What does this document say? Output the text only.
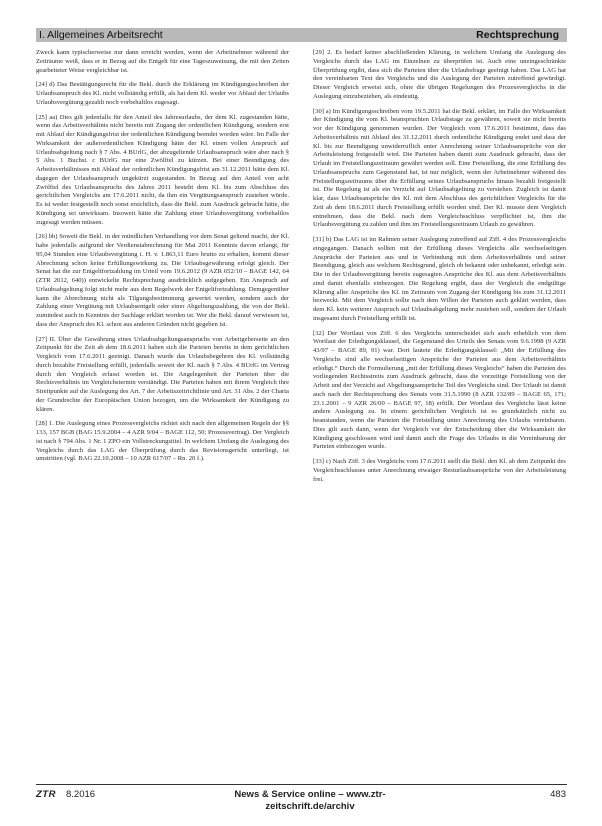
I. Allgemeines Arbeitsrecht	Rechtsprechung

Zweck kann typischerweise nur dann erreicht werden, wenn der Arbeitnehmer während der Zeiträume weiß, dass er in Bezug auf die Entgelt für eine Tageszuweisung, die mit den Zeiten gearbeiteter Weise vergleichbar ist.

[24] d) Das Bestätigungsrecht für die Bekl. durch die Erklärung im Kündigungsschreiben der Urlaubsanspruch des Kl. nicht vollständig erfüllt, als hat dem Kl. weder vor Ablauf der Urlaubs Urlaubsvergütung gezahlt noch vorbehaltlos zugesagt.

[25] aa) Dies gilt jedenfalls für den Anteil des Jahresurlaubs, der dem Kl. zugestanden hätte, wenn das Arbeitsverhältnis nicht bereits mit Zugang der ordentlichen Kündigung, sondern erst mit Ablauf der Kündigungsfrist der ordentlichen Kündigung beendet worden wäre. Im Falle der Wirksamkeit der außerordentlichen Kündigung hätte der Kl. einen vollen Anspruch auf Urlaubsabgeltung nach § 7 Abs. 4 BUrlG, der abzugeltende Urlaubsanspruch wäre aber nach § 5 Abs. 1 Buchst. c BUrlG nur eine Zwölftel zu kürzen. Bei einer Beendigung des Arbeitsverhältnisses mit Ablauf der ordentlichen Kündigungsfrist am 31.12.2011 hätte dem Kl. dagegen der Urlaubsanspruch ungekürzt zugestanden. In Bezug auf den Anteil von acht Zwölftel des Urlaubsanspruchs des Jahres 2011 besteht dem Kl. bis zum Abschluss des gerichtlichen Vergleichs am 17.6.2011 nicht, da ihm ein Vergütungsanspruch zustehen würde. Es ist weder festgestellt noch sonst ersichtlich, dass die Bekl. zum Ausdruck gebracht hätte, die Kündigung sei unwirksam. Insoweit hätte die Zahlung einer Urlaubsvergütung vorbehaltlos zugesagt werden müssen.

[26] bb) Soweit die Bekl. in der mündlichen Verhandlung vor dem Senat geltend macht, der Kl. habe jedenfalls aufgrund der Verdienstabrechnung für Mai 2011 Kenntnis davon erlangt, für 95,04 Stunden eine Urlaubsvergütung i. H. v. 1.863,11 Euro brutto zu erhalten, kommt dieser Abrechnung schon keine Erfüllungswirkung zu. Die Urlaubsgewährung erfolgt gleich. Der Senat hat die zur Entgeltfortzahlung im Urteil vom 19.6.2012 (9 AZR 652/10 – BAGE 142, 64 (ZTR 2012, 640)) entwickelte Rechtsprechung ausdrücklich aufgegeben. Ein Anspruch auf Urlaubsabgeltung folgt nicht mehr aus dem Regelwerk der Entgeltfortzahlung. Demgegenüber kann die Abrechnung nicht als Tilgungsbestimmung gewertet werden, sondern auch der Zahlung einer Vergütung mit Urlaubsentgelt oder einer Abgeltungszahlung, die von der Bekl. zumindest auch in Kenntnis der Sachlage erklärt worden ist. Wer die Bekl. darauf verwiesen ist, dass der Anspruch des Kl. schon aus anderen Gründen nicht gegeben ist.

[27] II. Über die Gewährung eines Urlaubsabgeltungsanspruchs von Arbeitgeberseite an den Zeitpunkt für die Zeit ab dem 18.6.2011 haben sich die Parteien bereits in dem gerichtlichen Vergleich vom 17.6.2011 geeinigt. Danach wurde das Urlaubsbegehren des Kl. vollständig durch bezahlte Freistellung erfüllt, jedenfalls soweit der Kl. nach § 7 Abs. 4 BUrlG im Vertrag durch den Vergleich erfasst worden ist. Die Angelegenheit der Parteien über die Rechtsverhältnis im Vergleichstermin verständigt. Die Parteien haben mit ihrem Vergleich ihre Streitpunkte auf die Auslegung des Art. 7 der Arbeitszeitrichtlinie und Art. 31 Abs. 2 der Charta der Grundrechte der Europäischen Union bezogen, um die Wirksamkeit der Kündigung zu klären.

[28] 1. Die Auslegung eines Prozessvergleichs richtet sich nach den allgemeinen Regeln der §§ 133, 157 BGB (BAG 15.9.2004 – 4 AZR 9/04 – BAGE 112, 50; Prozessvertrag). Der Vergleich ist nach § 794 Abs. 1 Nr. 1 ZPO ein Vollstreckungstitel. In welchem Umfang die Auslegung des Vergleichs durch das LAG der Überprüfung durch das Revisionsgericht unterliegt, ist umstritten (vgl. BAG 22.10.2008 – 10 AZR 617/07 – Rn. 20 f.).

[29] 2. Es bedarf keiner abschließenden Klärung, in welchem Umfang die Auslegung des Vergleichs durch das LAG im Einzelnen zu überprüfen ist. Auch eine uneingeschränkte Überprüfung ergibt, dass sich die Parteien über die Urlaubsfrage geeinigt haben. Das LAG hat den vereinbarten Text des Vergleichs und die Auslegung der Parteien zutreffend gewürdigt. Dieser Vergleich erweist sich, ohne die übrigen Regelungen des Prozessvergleichs in die Auslegung einzubeziehen, als eindeutig.

[30] a) Im Kündigungsschreiben vom 19.5.2011 hat die Bekl. erklärt, im Falle der Wirksamkeit der Kündigung die vom Kl. beanspruchten Urlaubstage zu gewähren, soweit sie nicht bereits vor der Kündigung genommen wurden. Der Vergleich vom 17.6.2011 bestimmt, dass das Arbeitsverhältnis mit Ablauf des 31.12.2011 durch ordentliche Kündigung endet und dass der Kl. bis zur Beendigung unwiderruflich unter Anrechnung seiner Urlaubsansprüche von der Arbeitsleistung freigestellt wird. Die Parteien haben damit zum Ausdruck gebracht, dass der Urlaub im Freistellungszeitraum gewährt werden soll. Eine Freistellung, die eine Erfüllung des Urlaubsanspruchs zum Gegenstand hat, ist nur möglich, wenn der Arbeitnehmer während des Freistellungszeitraums über die Erfüllung seines Urlaubsanspruchs hinaus bezahlt freigestellt ist. Die Regelung ist als ein Verzicht auf Urlaubsabgeltung zu verstehen. Zugleich ist damit klar, dass Urlaubsansprüche des Kl. mit dem Abschluss des gerichtlichen Vergleichs für die Zeit ab dem 18.6.2011 durch Freistellung erfüllt worden sind. Der Kl. musste dem Vergleich entnehmen, dass die Bekl. nach dem Vergleichsschluss verpflichtet ist, ihm die Urlaubsvergütung zu zahlen und ihm im Freistellungszeitraum Urlaub zu gewähren.

[31] b) Das LAG ist im Rahmen seiner Auslegung zutreffend auf Ziff. 4 des Prozessvergleichs eingegangen. Danach sollten mit der Erfüllung dieses Vergleichs alle wechselseitigen Ansprüche der Parteien aus und in Verbindung mit dem Arbeitsverhältnis und seiner Beendigung, gleich aus welchem Rechtsgrund, gleich ob bekannt oder unbekannt, erledigt sein. Die in der Urlaubsvergütung bereits zugesagten Ansprüche des Kl. aus dem Arbeitsverhältnis sind damit ebenfalls einbezogen. Die Regelung ergibt, dass der Vergleich die endgültige Klärung aller Ansprüche des Kl. im Zeitraum von Zugang der Kündigung bis zum 31.12.2011 bezweckt. Mit dem Vergleich sollte nach dem Willen der Parteien auch geklärt werden, dass dem Kl. kein weiterer Anspruch auf Urlaubsabgeltung mehr zustehen soll, sondern der Urlaub insgesamt durch Freistellung erfüllt ist.

[32] Der Wortlaut von Ziff. 6 des Vergleichs unterscheidet sich auch erheblich von dem Wortlaut der Erledigungsklausel, die Gegenstand des Urteils des Senats vom 9.6.1998 (9 AZR 43/97 – BAGE 89, 91) war. Dort lautete die Erledigungsklausel: „Mit der Erfüllung des Vergleichs sind alle wechselseitigen Ansprüche der Parteien aus dem Arbeitsverhältnis erledigt.“ Durch die Formulierung „mit der Erfüllung dieses Vergleichs“ haben die Parteien des vorliegenden Rechtsstreits zum Ausdruck gebracht, dass die vorzeitige Freistellung von der Arbeit und der Verzicht auf Abgeltungsansprüche Teil des Vergleichs sind. Der Urlaub ist damit auch nach der Rechtsprechung des Senats vom 31.5.1990 (8 AZR 132/89 – BAGE 65, 171; 23.1.2001 – 9 AZR 26/00 – BAGE 97, 18) erfüllt. Der Wortlaut des Vergleichs lässt keine andere Auslegung zu. In einem gerichtlichen Vergleich ist es grundsätzlich nicht zu beanstanden, wenn die Parteien die Freistellung unter Anrechnung des Urlaubs vereinbaren. Dies gilt auch dann, wenn der Vergleich vor der Entscheidung über die Wirksamkeit der Kündigung geschlossen wird und damit auch die Frage des Urlaubs in die Vereinbarung der Parteien einbezogen wurde.

[33] c) Nach Ziff. 3 des Vergleichs vom 17.6.2011 stellt die Bekl. den Kl. ab dem Zeitpunkt des Vergleichsschlusses unter Anrechnung etwaiger Resturlaubsansprüche von der Arbeitsleistung frei.

ZTR 8.2016	News & Service online – www.ztr-zeitschrift.de/archiv
483
